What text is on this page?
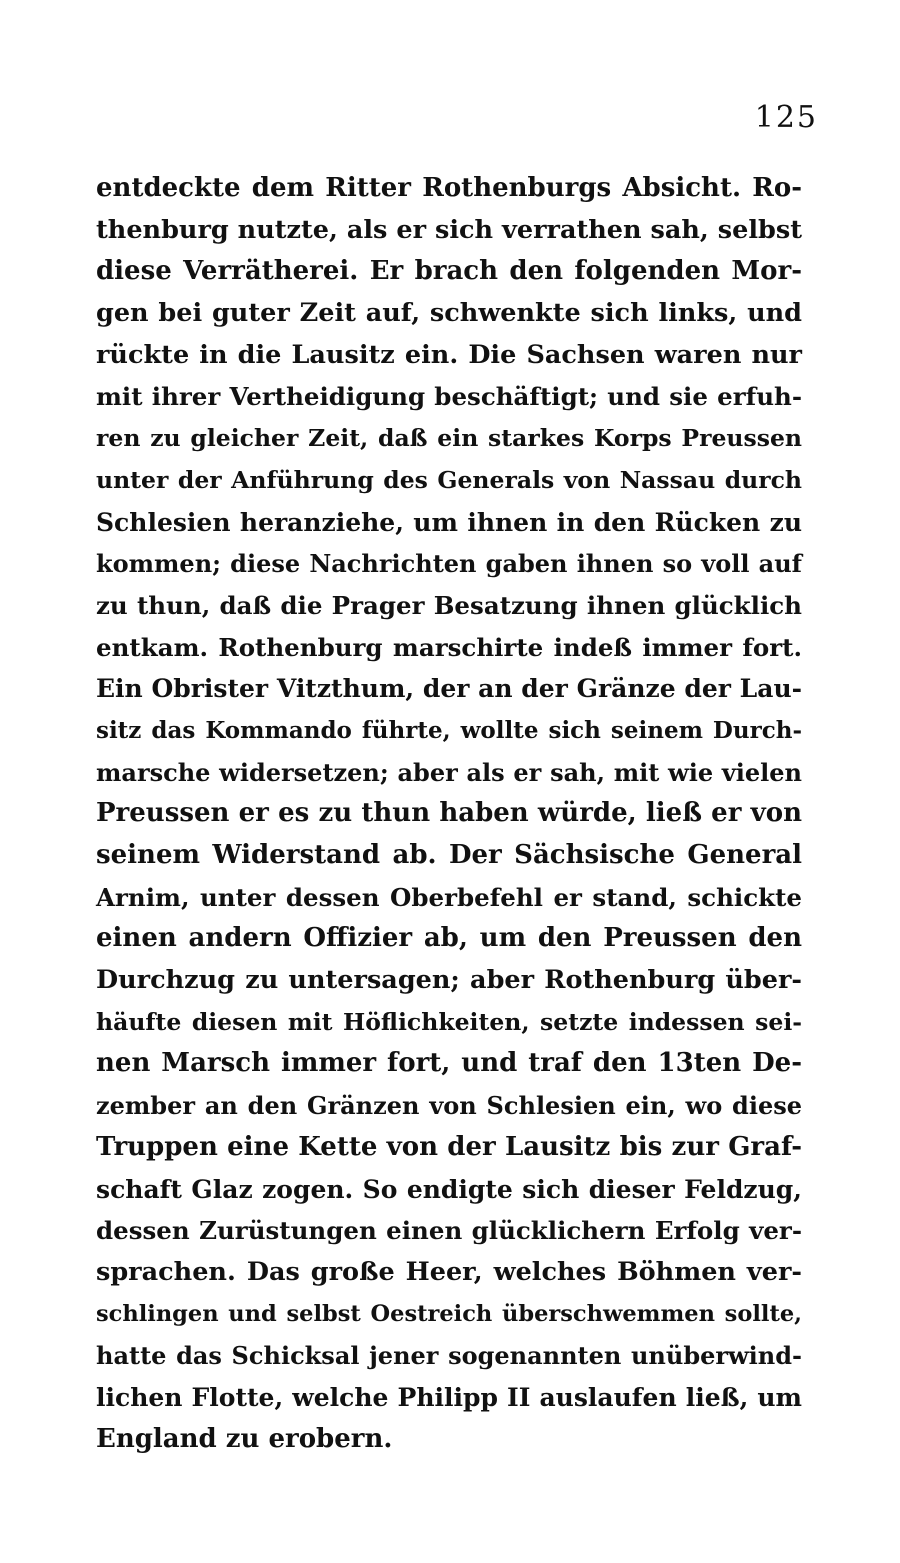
125
entdeckte dem Ritter Rothenburgs Absicht. Ro-
thenburg nutzte, als er sich verrathen sah, selbst
diese Verrätherei. Er brach den folgenden Mor-
gen bei guter Zeit auf, schwenkte sich links, und
rückte in die Lausitz ein. Die Sachsen waren nur
mit ihrer Vertheidigung beschäftigt; und sie erfuh-
ren zu gleicher Zeit, daß ein starkes Korps Preussen
unter der Anführung des Generals von Nassau durch
Schlesien heranziehe, um ihnen in den Rücken zu
kommen; diese Nachrichten gaben ihnen so voll auf
zu thun, daß die Prager Besatzung ihnen glücklich
entkam. Rothenburg marschirte indeß immer fort.
Ein Obrister Vitzthum, der an der Gränze der Lau-
sitz das Kommando führte, wollte sich seinem Durch-
marsche widersetzen; aber als er sah, mit wie vielen
Preussen er es zu thun haben würde, ließ er von
seinem Widerstand ab. Der Sächsische General
Arnim, unter dessen Oberbefehl er stand, schickte
einen andern Offizier ab, um den Preussen den
Durchzug zu untersagen; aber Rothenburg über-
häufte diesen mit Höflichkeiten, setzte indessen sei-
nen Marsch immer fort, und traf den 13ten De-
zember an den Gränzen von Schlesien ein, wo diese
Truppen eine Kette von der Lausitz bis zur Graf-
schaft Glaz zogen. So endigte sich dieser Feldzug,
dessen Zurüstungen einen glücklichern Erfolg ver-
sprachen. Das große Heer, welches Böhmen ver-
schlingen und selbst Oestreich überschwemmen sollte,
hatte das Schicksal jener sogenannten unüberwind-
lichen Flotte, welche Philipp II auslaufen ließ, um
England zu erobern.
